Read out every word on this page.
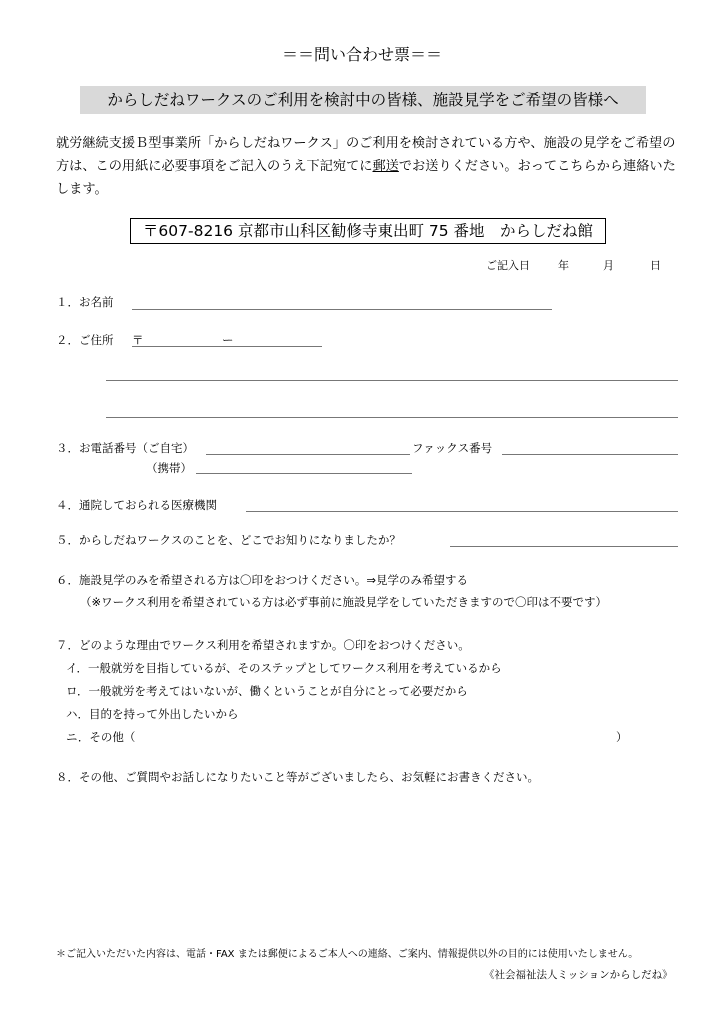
＝＝問い合わせ票＝＝
からしだねワークスのご利用を検討中の皆様、施設見学をご希望の皆様へ
就労継続支援Ｂ型事業所「からしだねワークス」のご利用を検討されている方や、施設の見学をご希望の方は、この用紙に必要事項をご記入のうえ下記宛てに郵送でお送りください。おってこちらから連絡いたします。
〒607-8216 京都市山科区勧修寺東出町 75 番地　からしだね館
ご記入日	年	月	日
１．お名前
２．ご住所 〒	ー
３．お電話番号（ご自宅）	ファックス番号
（携帯）
４．通院しておられる医療機関
５．からしだねワークスのことを、どこでお知りになりましたか？
６．施設見学のみを希望される方は〇印をおつけください。⇒見学のみ希望する
（※ワークス利用を希望されている方は必ず事前に施設見学をしていただきますので〇印は不要です）
７．どのような理由でワークス利用を希望されますか。〇印をおつけください。
イ．一般就労を目指しているが、そのステップとしてワークス利用を考えているから
ロ．一般就労を考えてはいないが、働くということが自分にとって必要だから
ハ．目的を持って外出したいから
ニ．その他（	）
８．その他、ご質問やお話しになりたいこと等がございましたら、お気軽にお書きください。
＊ご記入いただいた内容は、電話・FAX または郵便によるご本人への連絡、ご案内、情報提供以外の目的には使用いたしません。
《社会福祉法人ミッションからしだね》
